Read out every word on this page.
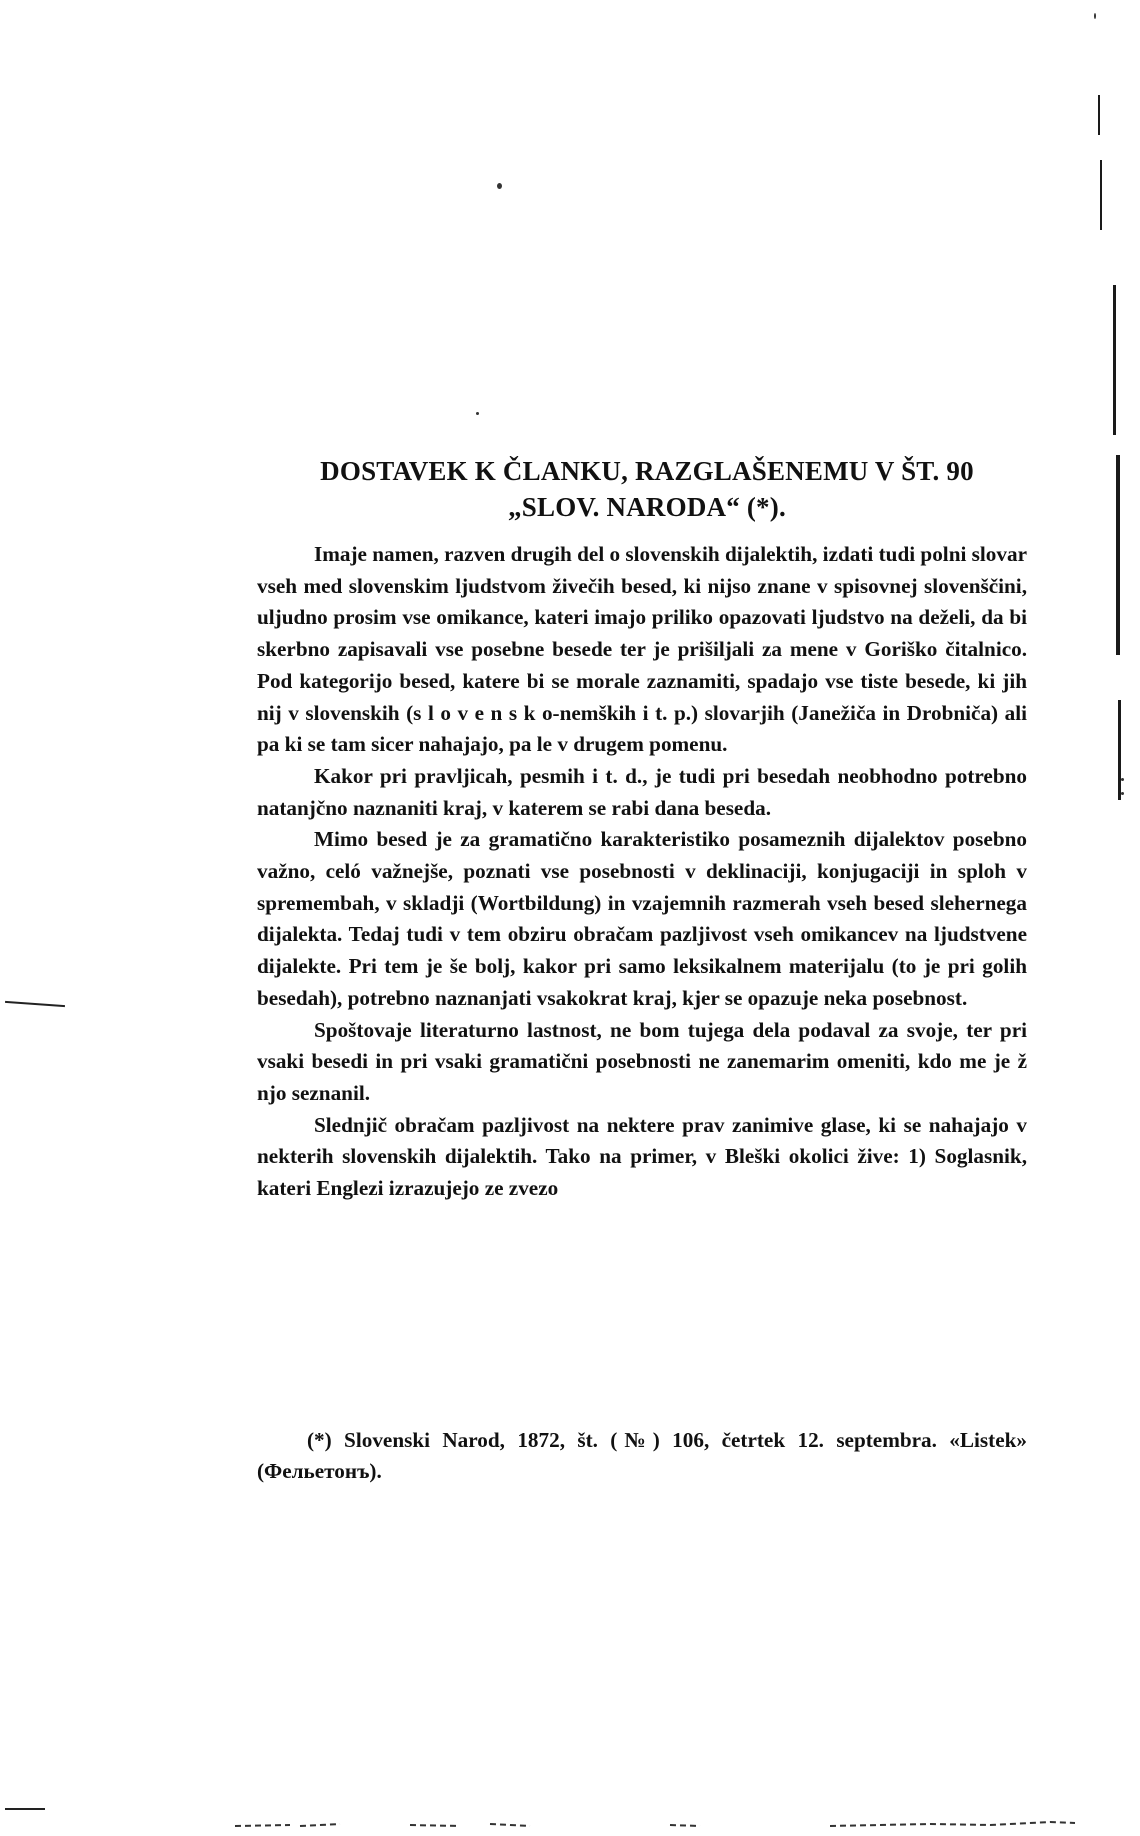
DOSTAVEK K ČLANKU, RAZGLAŠENEMU V ŠT. 90
„SLOV. NARODA“ (*).

Imaje namen, razven drugih del o slovenskih dijalektih, izdati tudi polni slovar vseh med slovenskim ljudstvom živečih besed, ki nijso znane v spisovnej slovenščini, uljudno prosim vse omikance, kateri imajo priliko opazovati ljudstvo na deželi, da bi skerbno zapisavali vse posebne besede ter je prišiljali za mene v Goriško čitalnico. Pod kategorijo besed, katere bi se morale zaznamiti, spadajo vse tiste besede, ki jih nij v slovenskih (s l o v e n s k o-nemških i t. p.) slovarjih (Janežiča in Drobniča) ali pa ki se tam sicer nahajajo, pa le v drugem pomenu.

Kakor pri pravljicah, pesmih i t. d., je tudi pri besedah neobhodno potrebno natanjčno naznaniti kraj, v katerem se rabi dana beseda.

Mimo besed je za gramatično karakteristiko posameznih dijalektov posebno važno, celó važnejše, poznati vse posebnosti v deklinaciji, konjugaciji in sploh v spremembah, v skladji (Wortbildung) in vzajemnih razmerah vseh besed slehernega dijalekta. Tedaj tudi v tem obziru obračam pazljivost vseh omikancev na ljudstvene dijalekte. Pri tem je še bolj, kakor pri samo leksikalnem materijalu (to je pri golih besedah), potrebno naznanjati vsakokrat kraj, kjer se opazuje neka posebnost.

Spoštovaje literaturno lastnost, ne bom tujega dela podaval za svoje, ter pri vsaki besedi in pri vsaki gramatični posebnosti ne zanemarim omeniti, kdo me je ž njo seznanil.

Slednjič obračam pazljivost na nektere prav zanimive glase, ki se nahajajo v nekterih slovenskih dijalektih. Tako na primer, v Bleški okolici žive: 1) Soglasnik, kateri Englezi izrazujejo ze zvezo

(*) Slovenski Narod, 1872, št. (№) 106, četrtek 12. septembra. «Listek» (Фельетонъ).
